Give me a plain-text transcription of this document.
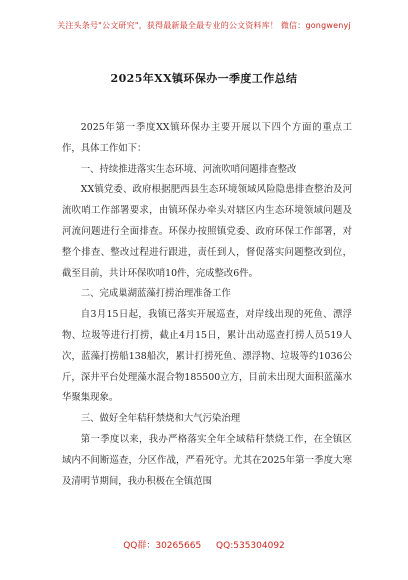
关注头条号"公文研究"，获得最新最全最专业的公文资料库！ 微信：gongwenyj
2025年XX镇环保办一季度工作总结

2025年第一季度XX镇环保办主要开展以下四个方面的重点工作，具体工作如下：

一、持续推进落实生态环境、河流吹哨问题排查整改

XX镇党委、政府根据肥西县生态环境领域风险隐患排查整治及河流吹哨工作部署要求，由镇环保办牵头对辖区内生态环境领域问题及河流问题进行全面排查。环保办按照镇党委、政府环保工作部署，对整个排查、整改过程进行跟进，责任到人，督促落实问题整改到位，截至目前，共计环保吹哨10件，完成整改6件。

二、完成巢湖蓝藻打捞治理准备工作

自3月15日起，我镇已落实开展巡查，对岸线出现的死鱼、漂浮物、垃圾等进行打捞，截止4月15日，累计出动巡查打捞人员519人次，蓝藻打捞船138船次，累计打捞死鱼、漂浮物、垃圾等约1036公斤，深井平台处理藻水混合物185500立方，目前未出现大面积蓝藻水华聚集现象。

三、做好全年秸秆禁烧和大气污染治理

第一季度以来，我办严格落实全年全域秸秆禁烧工作，在全镇区域内不间断巡查，分区作战，严看死守。尤其在2025年第一季度大寒及清明节期间，我办积极在全镇范围

QQ群：30265665 QQ:535304092
